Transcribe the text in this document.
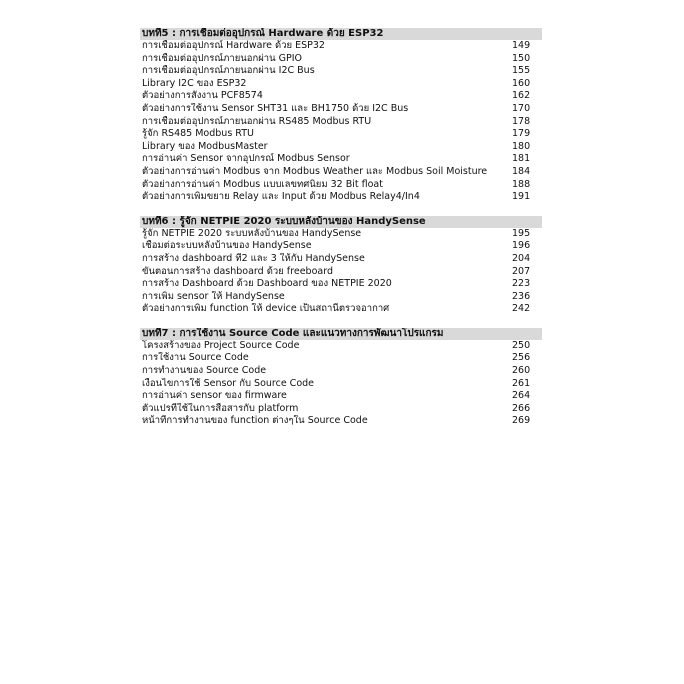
บทที่5 : การเชื่อมต่ออุปกรณ์ Hardware ด้วย ESP32
การเชื่อมต่ออุปกรณ์ Hardware ด้วย ESP32	149
การเชื่อมต่ออุปกรณ์ภายนอกผ่าน GPIO	150
การเชื่อมต่ออุปกรณ์ภายนอกผ่าน I2C Bus	155
Library I2C ของ ESP32	160
ตัวอย่างการสั่งงาน PCF8574	162
ตัวอย่างการใช้งาน Sensor SHT31 และ BH1750 ด้วย I2C Bus	170
การเชื่อมต่ออุปกรณ์ภายนอกผ่าน RS485 Modbus RTU	178
รู้จัก RS485 Modbus RTU	179
Library ของ ModbusMaster	180
การอ่านค่า Sensor จากอุปกรณ์ Modbus Sensor	181
ตัวอย่างการอ่านค่า Modbus จาก Modbus Weather และ Modbus Soil Moisture	184
ตัวอย่างการอ่านค่า Modbus แบบเลขทศนิยม 32 Bit float	188
ตัวอย่างการเพิ่มขยาย Relay และ Input ด้วย Modbus Relay4/In4	191
บทที่6 : รู้จัก NETPIE 2020 ระบบหลังบ้านของ HandySense
รู้จัก NETPIE 2020 ระบบหลังบ้านของ HandySense	195
เชื่อมต่อระบบหลังบ้านของ HandySense	196
การสร้าง dashboard ที่2 และ 3 ให้กับ HandySense	204
ขั้นตอนการสร้าง dashboard ด้วย freeboard	207
การสร้าง Dashboard ด้วย Dashboard ของ NETPIE 2020	223
การเพิ่ม sensor ให้ HandySense	236
ตัวอย่างการเพิ่ม function ให้ device เป็นสถานีตรวจอากาศ	242
บทที่7 : การใช้งาน Source Code และแนวทางการพัฒนาโปรแกรม
โครงสร้างของ Project Source Code	250
การใช้งาน Source Code	256
การทำงานของ Source Code	260
เงื่อนไขการใช้ Sensor กับ Source Code	261
การอ่านค่า sensor ของ firmware	264
ตัวแปรที่ใช้ในการสื่อสารกับ platform	266
หน้าที่การทำงานของ function ต่างๆใน Source Code	269
